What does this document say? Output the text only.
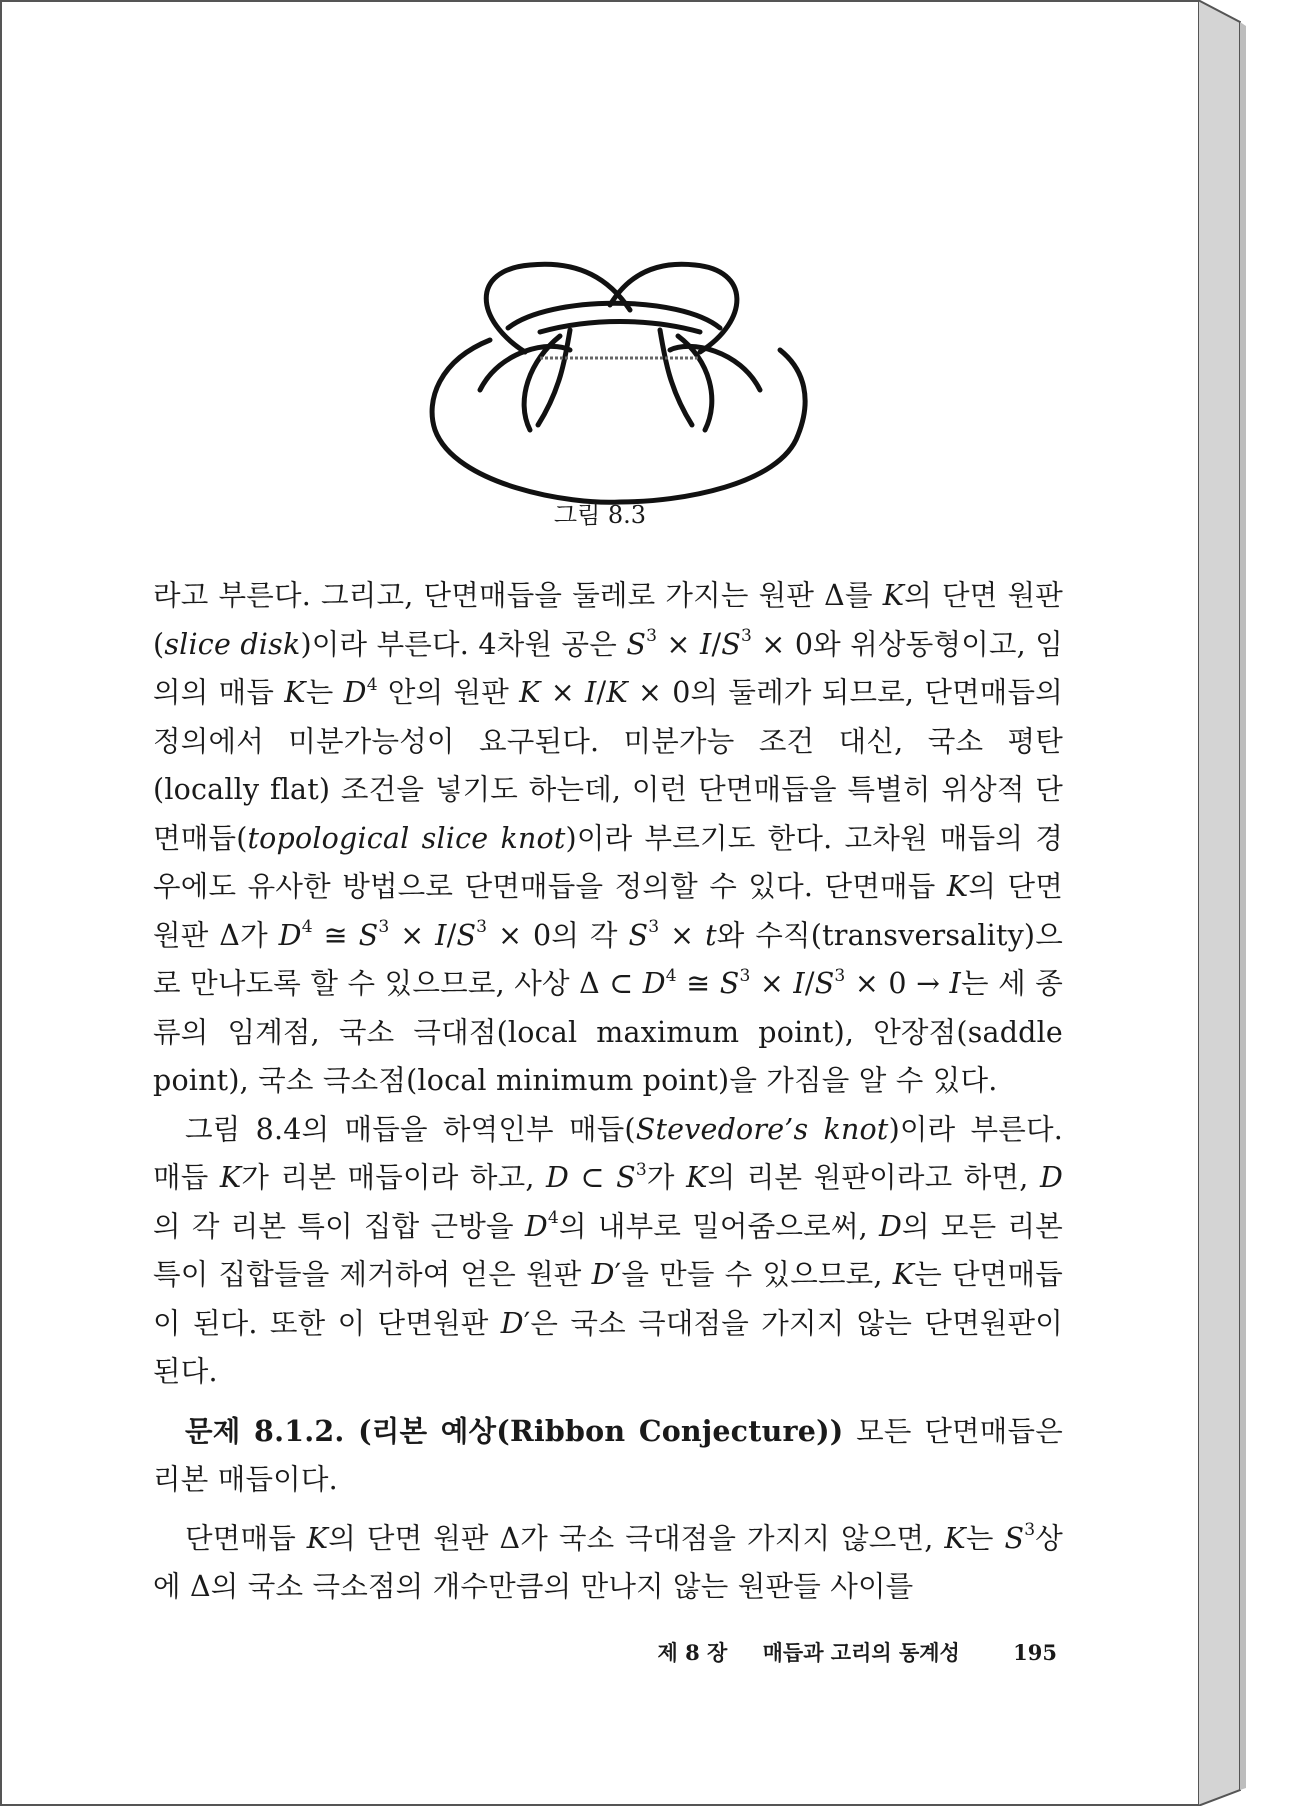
그림 8.3

라고 부른다. 그리고, 단면매듭을 둘레로 가지는 원판 Δ를 K의 단면 원판(slice disk)이라 부른다. 4차원 공은 $S^3 \times I/S^3 \times 0$와 위상동형이고, 임의의 매듭 K는 $D^4$ 안의 원판 K × I/K × 0의 둘레가 되므로, 단면매듭의 정의에서 미분가능성이 요구된다. 미분가능 조건 대신, 국소 평탄(locally flat) 조건을 넣기도 하는데, 이런 단면매듭을 특별히 위상적 단면매듭(topological slice knot)이라 부르기도 한다. 고차원 매듭의 경우에도 유사한 방법으로 단면매듭을 정의할 수 있다. 단면매듭 K의 단면원판 Δ가 $D^4$ ≅ $S^3 \times I/S^3 \times 0$의 각 $S^3 \times t$와 수직(transversality)으로 만나도록 할 수 있으므로, 사상 Δ ⊂ $D^4$ ≅ $S^3 \times I/S^3 \times 0 \to I$는 세 종류의 임계점, 국소 극대점(local maximum point), 안장점(saddle point), 국소 극소점(local minimum point)을 가짐을 알 수 있다.

그림 8.4의 매듭을 하역인부 매듭(Stevedore’s knot)이라 부른다. 매듭 K가 리본 매듭이라 하고, D ⊂ $S^3$가 K의 리본 원판이라고 하면, D의 각 리본 특이 집합 근방을 $D^4$의 내부로 밀어줌으로써, D의 모든 리본 특이 집합들을 제거하여 얻은 원판 D′을 만들 수 있으므로, K는 단면매듭이 된다. 또한 이 단면원판 D′은 국소 극대점을 가지지 않는 단면원판이 된다.

문제 8.1.2. (리본 예상(Ribbon Conjecture)) 모든 단면매듭은 리본 매듭이다.

단면매듭 K의 단면 원판 Δ가 국소 극대점을 가지지 않으면, K는 $S^3$상에 Δ의 국소 극소점의 개수만큼의 만나지 않는 원판들 사이를

제 8 장 매듭과 고리의 동계성	195
